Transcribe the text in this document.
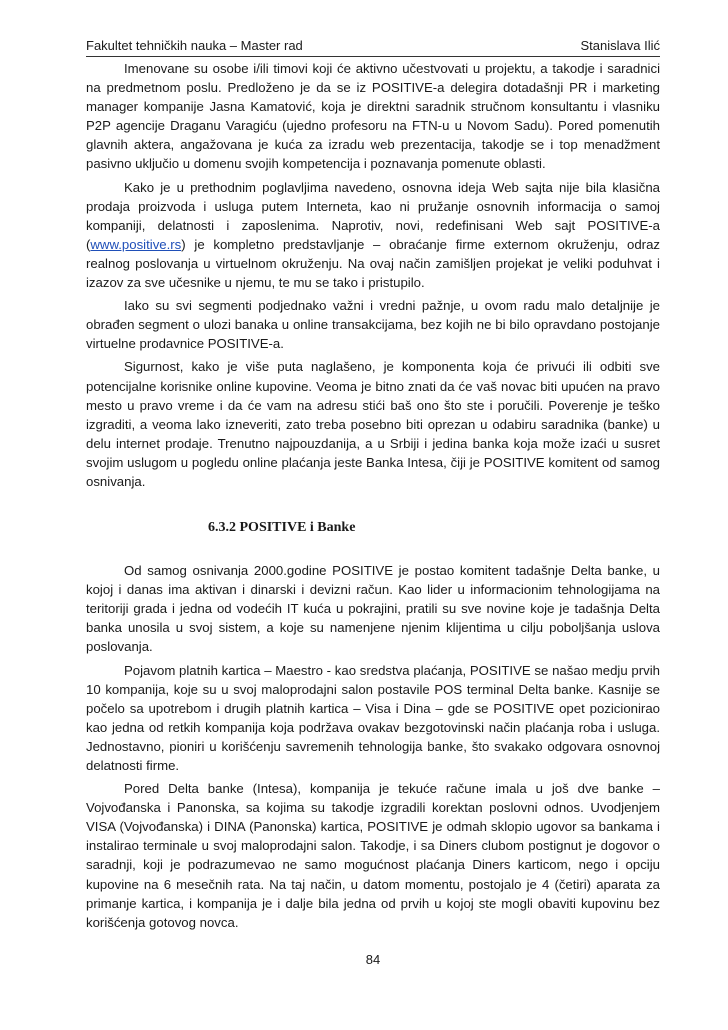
Fakultet tehničkih nauka – Master rad	Stanislava Ilić

Imenovane su osobe i/ili timovi koji će aktivno učestvovati u projektu, a takodje i saradnici na predmetnom poslu. Predloženo je da se iz POSITIVE-a delegira dotadašnji PR i marketing manager kompanije Jasna Kamatović, koja je direktni saradnik stručnom konsultantu i vlasniku P2P agencije Draganu Varagiću (ujedno profesoru na FTN-u u Novom Sadu). Pored pomenutih glavnih aktera, angažovana je kuća za izradu web prezentacija, takodje se i top menadžment pasivno uključio u domenu svojih kompetencija i poznavanja pomenute oblasti.

Kako je u prethodnim poglavljima navedeno, osnovna ideja Web sajta nije bila klasična prodaja proizvoda i usluga putem Interneta, kao ni pružanje osnovnih informacija o samoj kompaniji, delatnosti i zaposlenima. Naprotiv, novi, redefinisani Web sajt POSITIVE-a (www.positive.rs) je kompletno predstavljanje – obraćanje firme externom okruženju, odraz realnog poslovanja u virtuelnom okruženju. Na ovaj način zamišljen projekat je veliki poduhvat i izazov za sve učesnike u njemu, te mu se tako i pristupilo.

Iako su svi segmenti podjednako važni i vredni pažnje, u ovom radu malo detaljnije je obrađen segment o ulozi banaka u online transakcijama, bez kojih ne bi bilo opravdano postojanje virtuelne prodavnice POSITIVE-a.

Sigurnost, kako je više puta naglašeno, je komponenta koja će privući ili odbiti sve potencijalne korisnike online kupovine. Veoma je bitno znati da će vaš novac biti upućen na pravo mesto u pravo vreme i da će vam na adresu stići baš ono što ste i poručili. Poverenje je teško izgraditi, a veoma lako izneveriti, zato treba posebno biti oprezan u odabiru saradnika (banke) u delu internet prodaje. Trenutno najpouzdanija, a u Srbiji i jedina banka koja može izaći u susret svojim uslugom u pogledu online plaćanja jeste Banka Intesa, čiji je POSITIVE komitent od samog osnivanja.

6.3.2 POSITIVE i Banke

Od samog osnivanja 2000.godine POSITIVE je postao komitent tadašnje Delta banke, u kojoj i danas ima aktivan i dinarski i devizni račun. Kao lider u informacionim tehnologijama na teritoriji grada i jedna od vodećih IT kuća u pokrajini, pratili su sve novine koje je tadašnja Delta banka unosila u svoj sistem, a koje su namenjene njenim klijentima u cilju poboljšanja uslova poslovanja.

Pojavom platnih kartica – Maestro - kao sredstva plaćanja, POSITIVE se našao medju prvih 10 kompanija, koje su u svoj maloprodajni salon postavile POS terminal Delta banke. Kasnije se počelo sa upotrebom i drugih platnih kartica – Visa i Dina – gde se POSITIVE opet pozicionirao kao jedna od retkih kompanija koja podržava ovakav bezgotovinski način plaćanja roba i usluga. Jednostavno, pioniri u korišćenju savremenih tehnologija banke, što svakako odgovara osnovnoj delatnosti firme.

Pored Delta banke (Intesa), kompanija je tekuće račune imala u još dve banke – Vojvođanska i Panonska, sa kojima su takodje izgradili korektan poslovni odnos. Uvodjenjem VISA (Vojvođanska) i DINA (Panonska) kartica, POSITIVE je odmah sklopio ugovor sa bankama i instalirao terminale u svoj maloprodajni salon. Takodje, i sa Diners clubom postignut je dogovor o saradnji, koji je podrazumevao ne samo mogućnost plaćanja Diners karticom, nego i opciju kupovine na 6 mesečnih rata. Na taj način, u datom momentu, postojalo je 4 (četiri) aparata za primanje kartica, i kompanija je i dalje bila jedna od prvih u kojoj ste mogli obaviti kupovinu bez korišćenja gotovog novca.

84
